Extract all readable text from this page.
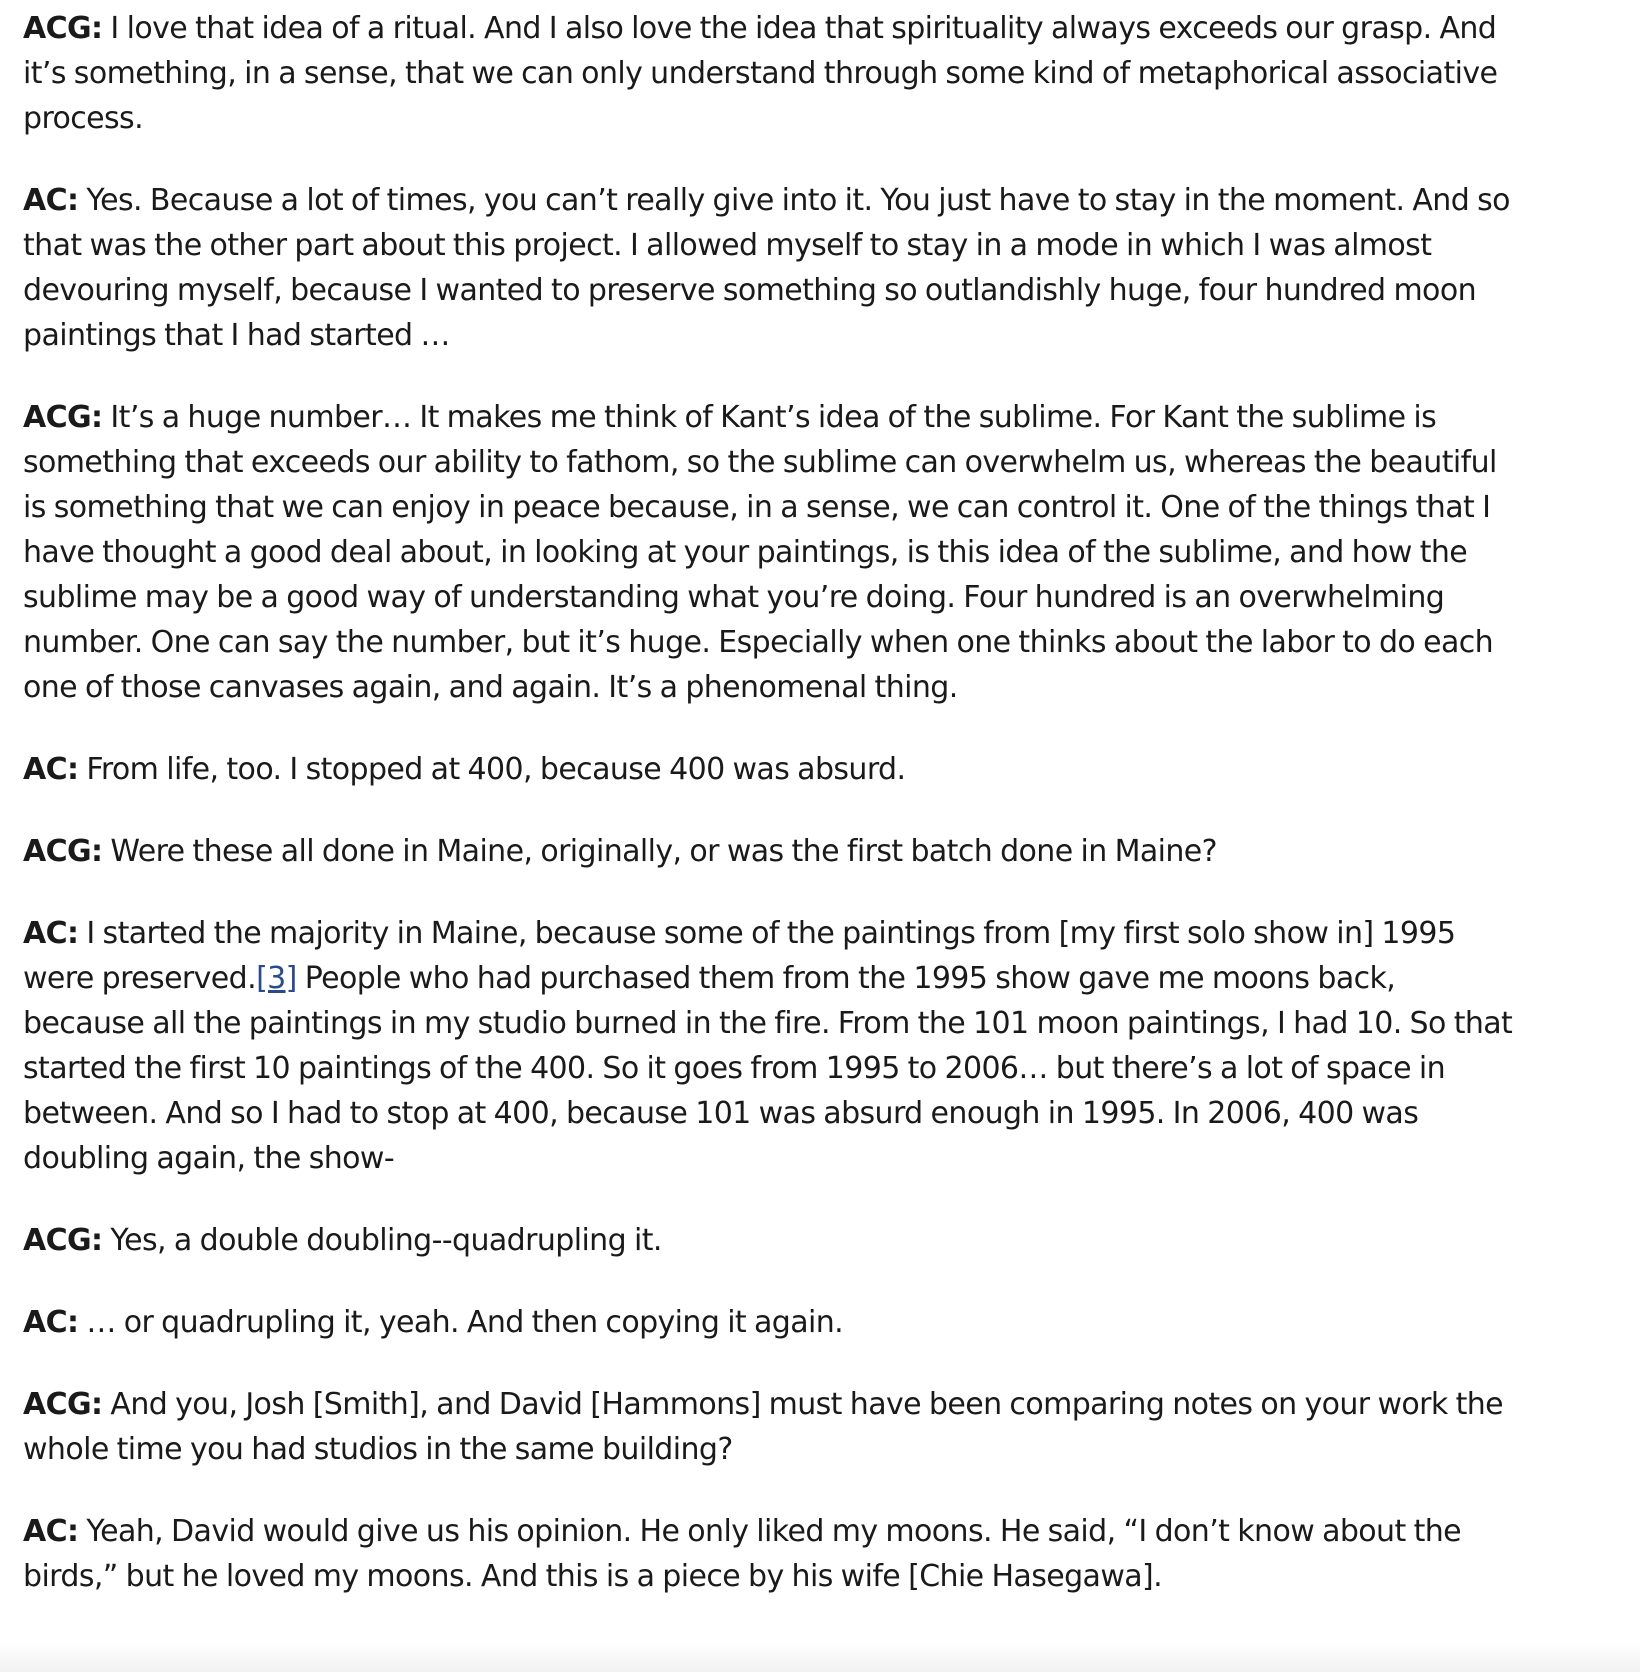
ACG: I love that idea of a ritual. And I also love the idea that spirituality always exceeds our grasp. And it’s something, in a sense, that we can only understand through some kind of metaphorical associative process.

AC: Yes. Because a lot of times, you can’t really give into it. You just have to stay in the moment. And so that was the other part about this project. I allowed myself to stay in a mode in which I was almost devouring myself, because I wanted to preserve something so outlandishly huge, four hundred moon paintings that I had started …

ACG: It’s a huge number… It makes me think of Kant’s idea of the sublime. For Kant the sublime is something that exceeds our ability to fathom, so the sublime can overwhelm us, whereas the beautiful is something that we can enjoy in peace because, in a sense, we can control it. One of the things that I have thought a good deal about, in looking at your paintings, is this idea of the sublime, and how the sublime may be a good way of understanding what you’re doing. Four hundred is an overwhelming number. One can say the number, but it’s huge. Especially when one thinks about the labor to do each one of those canvases again, and again. It’s a phenomenal thing.

AC: From life, too. I stopped at 400, because 400 was absurd.

ACG: Were these all done in Maine, originally, or was the first batch done in Maine?

AC: I started the majority in Maine, because some of the paintings from [my first solo show in] 1995 were preserved.[3] People who had purchased them from the 1995 show gave me moons back, because all the paintings in my studio burned in the fire. From the 101 moon paintings, I had 10. So that started the first 10 paintings of the 400. So it goes from 1995 to 2006… but there’s a lot of space in between. And so I had to stop at 400, because 101 was absurd enough in 1995. In 2006, 400 was doubling again, the show-

ACG: Yes, a double doubling--quadrupling it.

AC: … or quadrupling it, yeah. And then copying it again.

ACG: And you, Josh [Smith], and David [Hammons] must have been comparing notes on your work the whole time you had studios in the same building?

AC: Yeah, David would give us his opinion. He only liked my moons. He said, “I don’t know about the birds,” but he loved my moons. And this is a piece by his wife [Chie Hasegawa].
